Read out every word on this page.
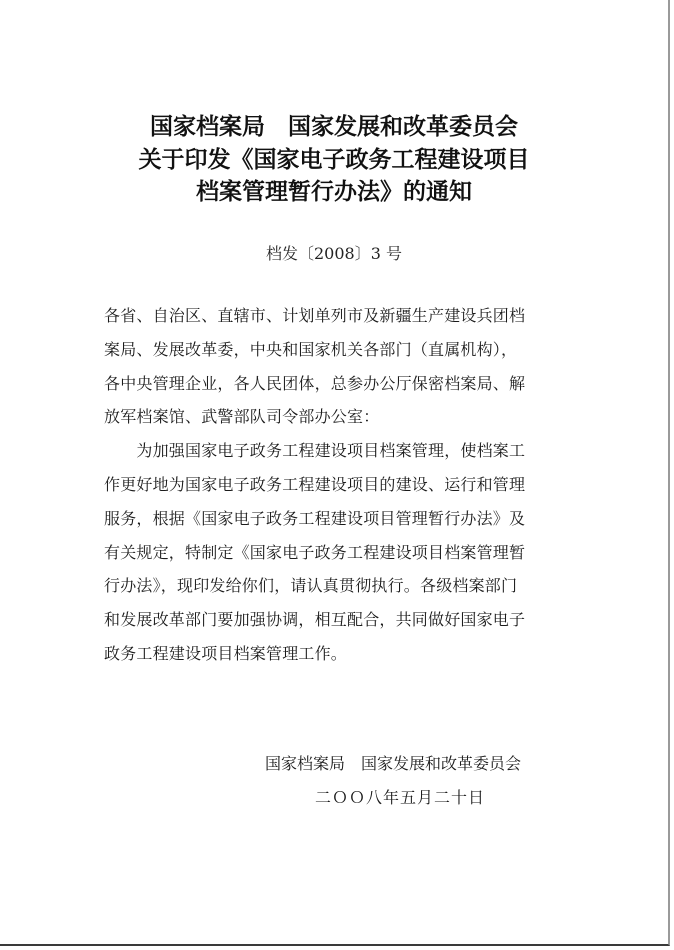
国家档案局　国家发展和改革委员会
关于印发《国家电子政务工程建设项目
档案管理暂行办法》的通知
档发〔2008〕3 号
各省、自治区、直辖市、计划单列市及新疆生产建设兵团档
案局、发展改革委，中央和国家机关各部门（直属机构），
各中央管理企业，各人民团体，总参办公厅保密档案局、解
放军档案馆、武警部队司令部办公室：
　　为加强国家电子政务工程建设项目档案管理，使档案工
作更好地为国家电子政务工程建设项目的建设、运行和管理
服务，根据《国家电子政务工程建设项目管理暂行办法》及
有关规定，特制定《国家电子政务工程建设项目档案管理暂
行办法》，现印发给你们，请认真贯彻执行。各级档案部门
和发展改革部门要加强协调，相互配合，共同做好国家电子
政务工程建设项目档案管理工作。
国家档案局　国家发展和改革委员会
二ＯＯ八年五月二十日
